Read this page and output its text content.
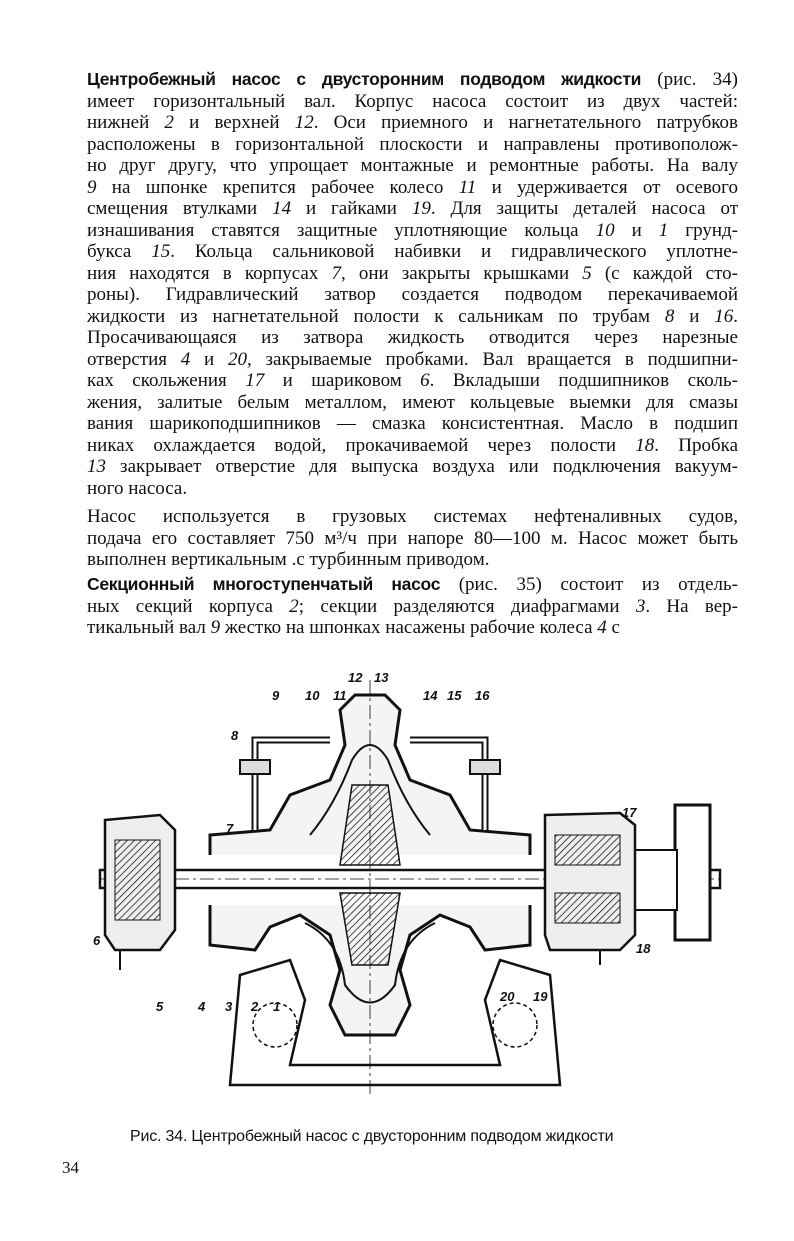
Центробежный насос с двусторонним подводом жидкости (рис. 34)
имеет горизонтальный вал. Корпус насоса состоит из двух частей:
нижней 2 и верхней 12. Оси приемного и нагнетательного патрубков
расположены в горизонтальной плоскости и направлены противополож-
но друг другу, что упрощает монтажные и ремонтные работы. На валу
9 на шпонке крепится рабочее колесо 11 и удерживается от осевого
смещения втулками 14 и гайками 19. Для защиты деталей насоса от
изнашивания ставятся защитные уплотняющие кольца 10 и 1 грунд-
букса 15. Кольца сальниковой набивки и гидравлического уплотне-
ния находятся в корпусах 7, они закрыты крышками 5 (с каждой сто-
роны). Гидравлический затвор создается подводом перекачиваемой
жидкости из нагнетательной полости к сальникам по трубам 8 и 16.
Просачивающаяся из затвора жидкость отводится через нарезные
отверстия 4 и 20, закрываемые пробками. Вал вращается в подшипни-
ках скольжения 17 и шариковом 6. Вкладыши подшипников сколь-
жения, залитые белым металлом, имеют кольцевые выемки для смазы
вания шарикоподшипников — смазка консистентная. Масло в подшип
никах охлаждается водой, прокачиваемой через полости 18. Пробка
13 закрывает отверстие для выпуска воздуха или подключения вакуум-
ного насоса.
Насос используется в грузовых системах нефтеналивных судов,
подача его составляет 750 м³/ч при напоре 80—100 м. Насос может быть
выполнен вертикальным .с турбинным приводом.
Секционный многоступенчатый насос (рис. 35) состоит из отдель-
ных секций корпуса 2; секции разделяются диафрагмами 3. На вер-
тикальный вал 9 жестко на шпонках насажены рабочие колеса 4 с
12 13
9 10 11	14 15 16
8
7
17
6
18
5	4 3 2 1
20 19
Рис. 34. Центробежный насос с двусторонним подводом жидкости
34
